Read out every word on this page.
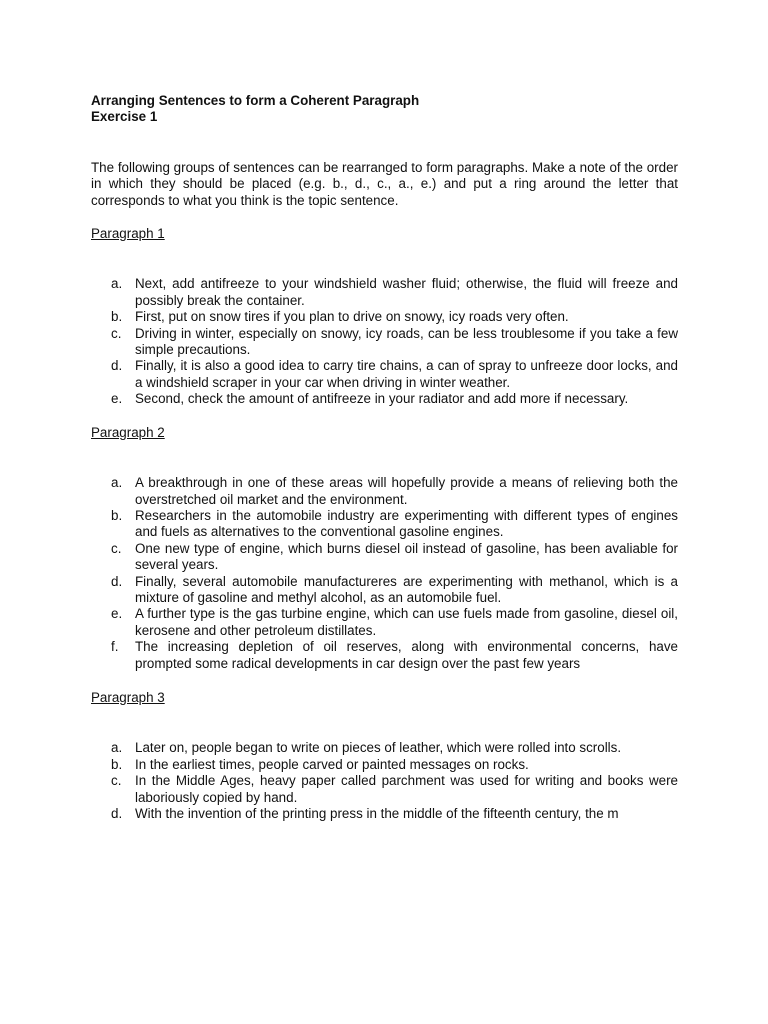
Arranging Sentences to form a Coherent Paragraph
Exercise 1
The following groups of sentences can be rearranged to form paragraphs. Make a note of the order in which they should be placed (e.g. b., d., c., a., e.) and put a ring around the letter that corresponds to what you think is the topic sentence.
Paragraph 1
a. Next, add antifreeze to your windshield washer fluid; otherwise, the fluid will freeze and possibly break the container.
b. First, put on snow tires if you plan to drive on snowy, icy roads very often.
c.	Driving in winter, especially on snowy, icy roads, can be less troublesome if you take a few simple precautions.
d. Finally, it is also a good idea to carry tire chains, a can of spray to unfreeze door locks, and a windshield scraper in your car when driving in winter weather.
e. Second, check the amount of antifreeze in your radiator and add more if necessary.
Paragraph 2
a. A breakthrough in one of these areas will hopefully provide a means of relieving both the overstretched oil market and the environment.
b. Researchers in the automobile industry are experimenting with different types of engines and fuels as alternatives to the conventional gasoline engines.
c.	One new type of engine, which burns diesel oil instead of gasoline, has been avaliable for several years.
d. Finally, several automobile manufactureres are experimenting with methanol, which is a mixture of gasoline and methyl alcohol, as an automobile fuel.
e. A further type is the gas turbine engine, which can use fuels made from gasoline, diesel oil, kerosene and other petroleum distillates.
f.	The increasing depletion of oil reserves, along with environmental concerns, have prompted some radical developments in car design over the past few years
Paragraph 3
a. Later on, people began to write on pieces of leather, which were rolled into scrolls.
b. In the earliest times, people carved or painted messages on rocks.
c.	In the Middle Ages, heavy paper called parchment was used for writing and books were laboriously copied by hand.
d. With the invention of the printing press in the middle of the fifteenth century, the m
